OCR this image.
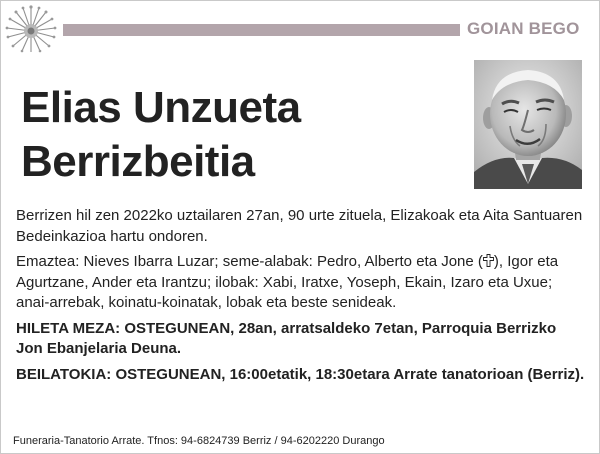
GOIAN BEGO
Elias Unzueta
Berrizbeitia

Berrizen hil zen 2022ko uztailaren 27an, 90 urte zituela, Elizakoak eta Aita Santuaren Bedeinkazioa hartu ondoren.

Emaztea: Nieves Ibarra Luzar; seme-alabak: Pedro, Alberto eta Jone ( ), Igor eta Agurtzane, Ander eta Irantzu; ilobak: Xabi, Iratxe, Yoseph, Ekain, Izaro eta Uxue; anai-arrebak, koinatu-koinatak, lobak eta beste senideak.

HILETA MEZA: OSTEGUNEAN, 28an, arratsaldeko 7etan, Parroquia Berrizko Jon Ebanjelaria Deuna.

BEILATOKIA: OSTEGUNEAN, 16:00etatik, 18:30etara Arrate tanatorioan (Berriz).

Funeraria-Tanatorio Arrate. Tfnos: 94-6824739 Berriz / 94-6202220 Durango
